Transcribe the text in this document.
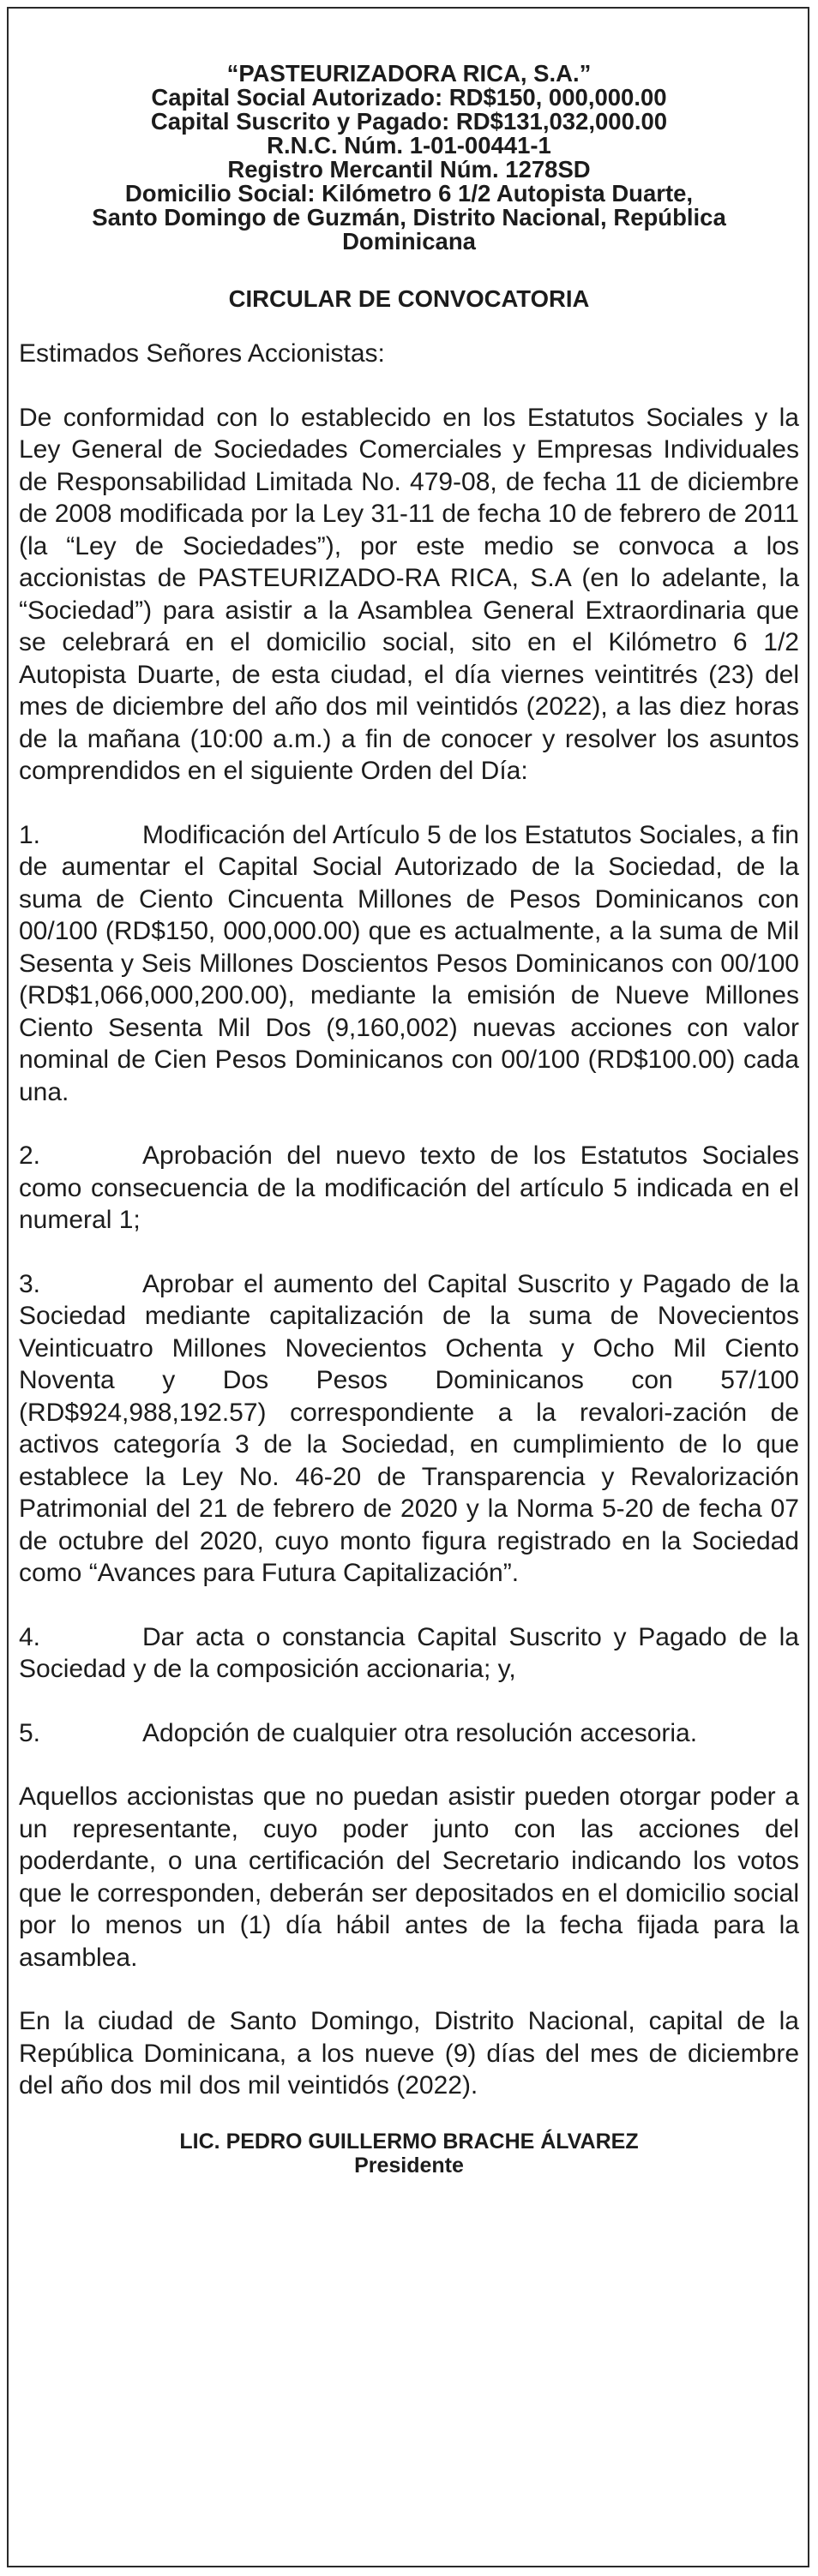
“PASTEURIZADORA RICA, S.A.”
Capital Social Autorizado: RD$150, 000,000.00
Capital Suscrito y Pagado: RD$131,032,000.00
R.N.C. Núm. 1-01-00441-1
Registro Mercantil Núm. 1278SD
Domicilio Social: Kilómetro 6 1/2 Autopista Duarte,
Santo Domingo de Guzmán, Distrito Nacional, República
Dominicana
CIRCULAR DE CONVOCATORIA

Estimados Señores Accionistas:

De conformidad con lo establecido en los Estatutos Sociales y la Ley General de Sociedades Comerciales y Empresas Individuales de Responsabilidad Limitada No. 479-08, de fecha 11 de diciembre de 2008 modificada por la Ley 31-11 de fecha 10 de febrero de 2011 (la “Ley de Sociedades”), por este medio se convoca a los accionistas de PASTEURIZADO-RA RICA, S.A (en lo adelante, la “Sociedad”) para asistir a la Asamblea General Extraordinaria que se celebrará en el domicilio social, sito en el Kilómetro 6 1/2 Autopista Duarte, de esta ciudad, el día viernes veintitrés (23) del mes de diciembre del año dos mil veintidós (2022), a las diez horas de la mañana (10:00 a.m.) a fin de conocer y resolver los asuntos comprendidos en el siguiente Orden del Día:

1.	Modificación del Artículo 5 de los Estatutos Sociales, a fin de aumentar el Capital Social Autorizado de la Sociedad, de la suma de Ciento Cincuenta Millones de Pesos Dominicanos con 00/100 (RD$150, 000,000.00) que es actualmente, a la suma de Mil Sesenta y Seis Millones Doscientos Pesos Dominicanos con 00/100 (RD$1,066,000,200.00), mediante la emisión de Nueve Millones Ciento Sesenta Mil Dos (9,160,002) nuevas acciones con valor nominal de Cien Pesos Dominicanos con 00/100 (RD$100.00) cada una.
2.	Aprobación del nuevo texto de los Estatutos Sociales como consecuencia de la modificación del artículo 5 indicada en el numeral 1;
3.	Aprobar el aumento del Capital Suscrito y Pagado de la Sociedad mediante capitalización de la suma de Novecientos Veinticuatro Millones Novecientos Ochenta y Ocho Mil Ciento Noventa y Dos Pesos Dominicanos con 57/100 (RD$924,988,192.57) correspondiente a la revalori-zación de activos categoría 3 de la Sociedad, en cumplimiento de lo que establece la Ley No. 46-20 de Transparencia y Revalorización Patrimonial del 21 de febrero de 2020 y la Norma 5-20 de fecha 07 de octubre del 2020, cuyo monto figura registrado en la Sociedad como “Avances para Futura Capitalización”.
4.	Dar acta o constancia Capital Suscrito y Pagado de la Sociedad y de la composición accionaria; y,
5.	Adopción de cualquier otra resolución accesoria.

Aquellos accionistas que no puedan asistir pueden otorgar poder a un representante, cuyo poder junto con las acciones del poderdante, o una certificación del Secretario indicando los votos que le corresponden, deberán ser depositados en el domicilio social por lo menos un (1) día hábil antes de la fecha fijada para la asamblea.

En la ciudad de Santo Domingo, Distrito Nacional, capital de la República Dominicana, a los nueve (9) días del mes de diciembre del año dos mil dos mil veintidós (2022).

LIC. PEDRO GUILLERMO BRACHE ÁLVAREZ
Presidente
